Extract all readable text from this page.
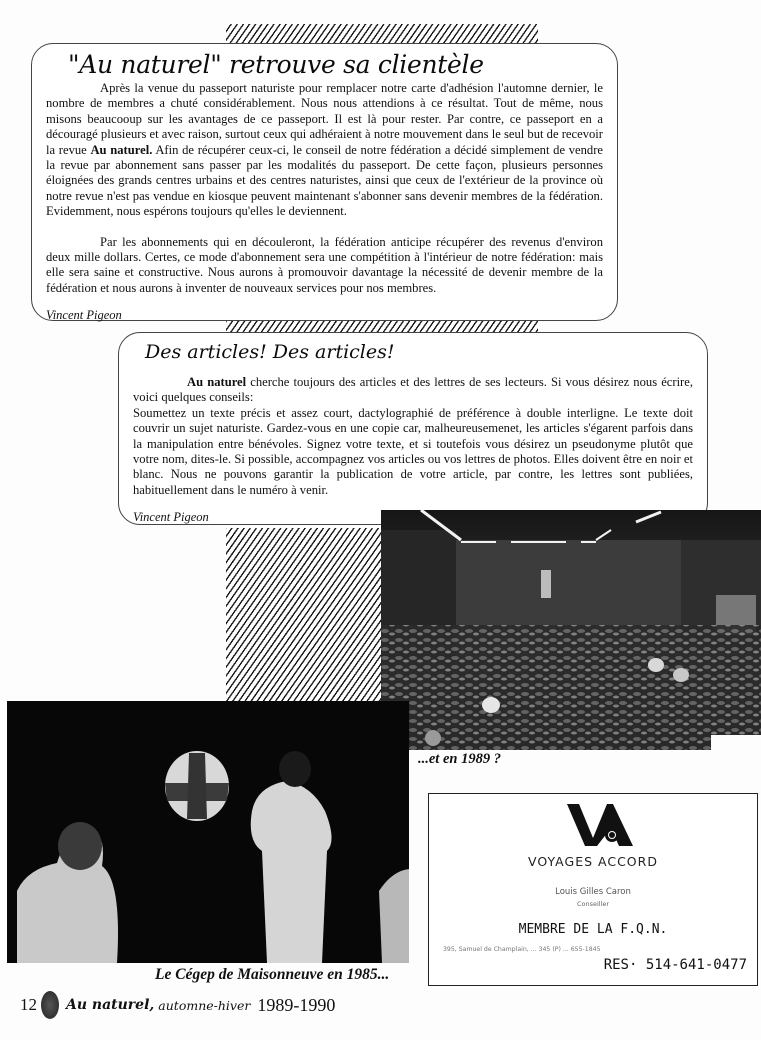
"Au naturel" retrouve sa clientèle

Après la venue du passeport naturiste pour remplacer notre carte d'adhésion l'automne dernier, le nombre de membres a chuté considérablement. Nous nous attendions à ce résultat. Tout de même, nous misons beaucooup sur les avantages de ce passeport. Il est là pour rester. Par contre, ce passeport en a découragé plusieurs et avec raison, surtout ceux qui adhéraient à notre mouvement dans le seul but de recevoir la revue Au naturel. Afin de récupérer ceux-ci, le conseil de notre fédération a décidé simplement de vendre la revue par abonnement sans passer par les modalités du passeport. De cette façon, plusieurs personnes éloignées des grands centres urbains et des centres naturistes, ainsi que ceux de l'extérieur de la province où notre revue n'est pas vendue en kiosque peuvent maintenant s'abonner sans devenir membres de la fédération. Evidemment, nous espérons toujours qu'elles le deviennent.

Par les abonnements qui en découleront, la fédération anticipe récupérer des revenus d'environ deux mille dollars. Certes, ce mode d'abonnement sera une compétition à l'intérieur de notre fédération: mais elle sera saine et constructive. Nous aurons à promouvoir davantage la nécessité de devenir membre de la fédération et nous aurons à inventer de nouveaux services pour nos membres.

Vincent Pigeon
Des articles! Des articles!

Au naturel cherche toujours des articles et des lettres de ses lecteurs. Si vous désirez nous écrire, voici quelques conseils:

Soumettez un texte précis et assez court, dactylographié de préférence à double interligne. Le texte doit couvrir un sujet naturiste. Gardez-vous en une copie car, malheureusemenet, les articles s'égarent parfois dans la manipulation entre bénévoles. Signez votre texte, et si toutefois vous désirez un pseudonyme plutôt que votre nom, dites-le. Si possible, accompagnez vos articles ou vos lettres de photos. Elles doivent être en noir et blanc. Nous ne pouvons garantir la publication de votre article, par contre, les lettres sont publiées, habituellement dans le numéro à venir.

Vincent Pigeon
...et en 1989 ?
Le Cégep de Maisonneuve en 1985...
VOYAGES ACCORD
Louis Gilles Caron
Conseiller
MEMBRE DE LA F.Q.N.
395, Samuel de Champlain, ... 345 (P) ... 655-1845
RES· 514-641-0477
12 Au naturel, automne-hiver 1989-1990
